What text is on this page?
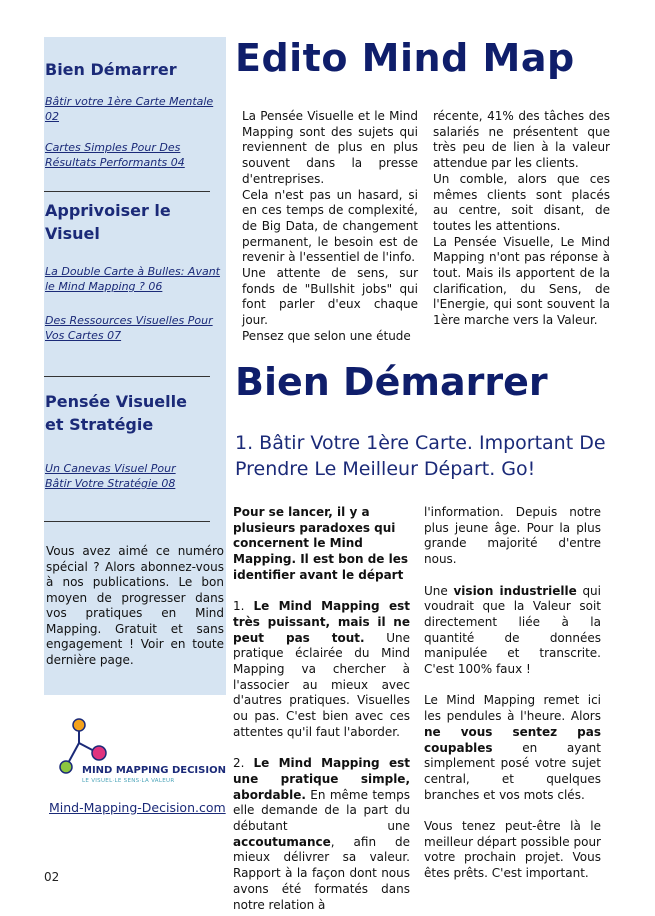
Bien Démarrer
Bâtir votre 1ère Carte Mentale 02
Cartes Simples Pour Des Résultats Performants 04
Apprivoiser le Visuel
La Double Carte à Bulles: Avant le Mind Mapping ? 06
Des Ressources Visuelles Pour Vos Cartes 07
Pensée Visuelle et Stratégie
Un Canevas Visuel Pour Bâtir Votre Stratégie 08
Vous avez aimé ce numéro spécial ? Alors abonnez-vous à nos publications. Le bon moyen de progresser dans vos pratiques en Mind Mapping. Gratuit et sans engagement ! Voir en toute dernière page.
MIND MAPPING DECISION
LE VISUEL·LE SENS·LA VALEUR
Mind-Mapping-Decision.com
02
Edito Mind Map

La Pensée Visuelle et le Mind Mapping sont des sujets qui reviennent de plus en plus souvent dans la presse d'entreprises.

Cela n'est pas un hasard, si en ces temps de complexité, de Big Data, de changement permanent, le besoin est de revenir à l'essentiel de l'info.

Une attente de sens, sur fonds de "Bullshit jobs" qui font parler d'eux chaque jour.

Pensez que selon une étude

récente, 41% des tâches des salariés ne présentent que très peu de lien à la valeur attendue par les clients.

Un comble, alors que ces mêmes clients sont placés au centre, soit disant, de toutes les attentions.

La Pensée Visuelle, Le Mind Mapping n'ont pas réponse à tout. Mais ils apportent de la clarification, du Sens, de l'Energie, qui sont souvent la 1ère marche vers la Valeur.

Bien Démarrer
1. Bâtir Votre 1ère Carte. Important De Prendre Le Meilleur Départ. Go!

Pour se lancer, il y a plusieurs paradoxes qui concernent le Mind Mapping. Il est bon de les identifier avant le départ

1. Le Mind Mapping est très puissant, mais il ne peut pas tout. Une pratique éclairée du Mind Mapping va chercher à l'associer au mieux avec d'autres pratiques. Visuelles ou pas. C'est bien avec ces attentes qu'il faut l'aborder.

2. Le Mind Mapping est une pratique simple, abordable. En même temps elle demande de la part du débutant une accoutumance, afin de mieux délivrer sa valeur. Rapport à la façon dont nous avons été formatés dans notre relation à

l'information. Depuis notre plus jeune âge. Pour la plus grande majorité d'entre nous.

Une vision industrielle qui voudrait que la Valeur soit directement liée à la quantité de données manipulée et transcrite. C'est 100% faux !

Le Mind Mapping remet ici les pendules à l'heure. Alors ne vous sentez pas coupables en ayant simplement posé votre sujet central, et quelques branches et vos mots clés.

Vous tenez peut-être là le meilleur départ possible pour votre prochain projet. Vous êtes prêts. C'est important.
